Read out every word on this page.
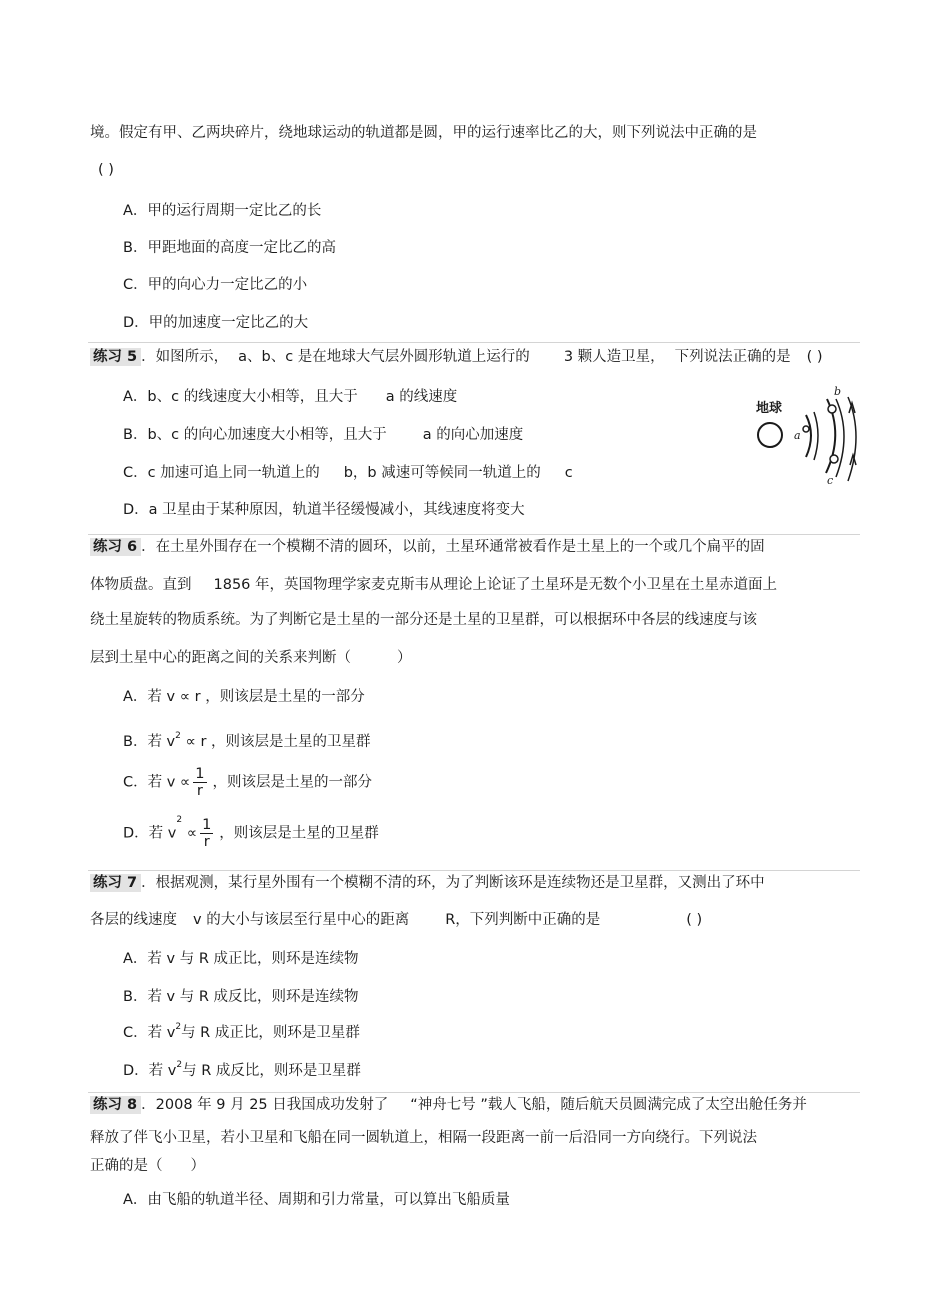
境。假定有甲、乙两块碎片，绕地球运动的轨道都是圆，甲的运行速率比乙的大，则下列说法中正确的是
( )
A．甲的运行周期一定比乙的长
B．甲距地面的高度一定比乙的高
C．甲的向心力一定比乙的小
D．甲的加速度一定比乙的大
练习 5 ．如图所示， a、b、c 是在地球大气层外圆形轨道上运行的 3 颗人造卫星， 下列说法正确的是 ( )
A．b、c 的线速度大小相等，且大于 a 的线速度
B．b、c 的向心加速度大小相等，且大于 a 的向心加速度
C．c 加速可追上同一轨道上的 b，b 减速可等候同一轨道上的 c
D．a 卫星由于某种原因，轨道半径缓慢减小，其线速度将变大
地球
a
b
c
练习 6 ．在土星外围存在一个模糊不清的圆环，以前，土星环通常被看作是土星上的一个或几个扁平的固
体物质盘。直到 1856 年，英国物理学家麦克斯韦从理论上论证了土星环是无数个小卫星在土星赤道面上
绕土星旋转的物质系统。为了判断它是土星的一部分还是土星的卫星群，可以根据环中各层的线速度与该
层到土星中心的距离之间的关系来判断（	）
A．若 v ∝ r ，则该层是土星的一部分
B．若 $v^2 \propto r$ ，则该层是土星的卫星群
C．若 $v \propto \frac{1}{r}$ ，则该层是土星的一部分
D．若 $v^2 \propto \frac{1}{r}$ ，则该层是土星的卫星群
练习 7 ．根据观测，某行星外围有一个模糊不清的环，为了判断该环是连续物还是卫星群，又测出了环中
各层的线速度 v 的大小与该层至行星中心的距离 R，下列判断中正确的是	( )
A．若 v 与 R 成正比，则环是连续物
B．若 v 与 R 成反比，则环是连续物
C．若 $v^2$与 R 成正比，则环是卫星群
D．若 $v^2$与 R 成反比，则环是卫星群
练习 8 ．2008 年 9 月 25 日我国成功发射了 “神舟七号 ”载人飞船，随后航天员圆满完成了太空出舱任务并
释放了伴飞小卫星，若小卫星和飞船在同一圆轨道上，相隔一段距离一前一后沿同一方向绕行。下列说法
正确的是（ ）
A．由飞船的轨道半径、周期和引力常量，可以算出飞船质量
